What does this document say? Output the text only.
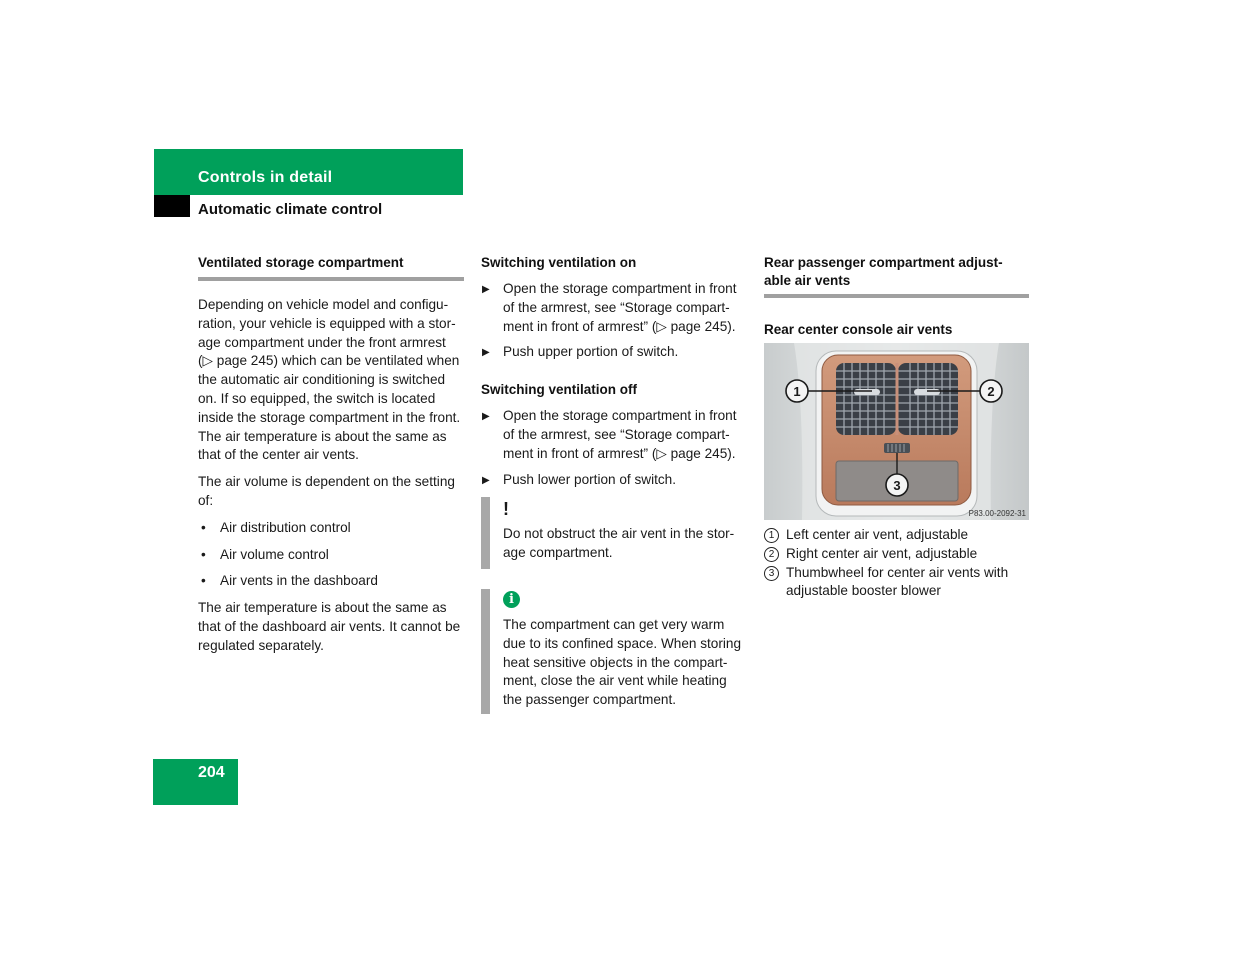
Controls in detail
Automatic climate control
Ventilated storage compartment

Depending on vehicle model and configu-ration, your vehicle is equipped with a stor-age compartment under the front armrest (▷ page 245) which can be ventilated when the automatic air conditioning is switched on. If so equipped, the switch is located inside the storage compartment in the front. The air temperature is about the same as that of the center air vents.

The air volume is dependent on the setting of:

• Air distribution control
• Air volume control
• Air vents in the dashboard

The air temperature is about the same as that of the dashboard air vents. It cannot be regulated separately.

Switching ventilation on
▶ Open the storage compartment in front of the armrest, see “Storage compart-ment in front of armrest” (▷ page 245).
▶ Push upper portion of switch.
Switching ventilation off
▶ Open the storage compartment in front of the armrest, see “Storage compart-ment in front of armrest” (▷ page 245).
▶ Push lower portion of switch.
!

Do not obstruct the air vent in the stor-age compartment.

i

The compartment can get very warm due to its confined space. When storing heat sensitive objects in the compart-ment, close the air vent while heating the passenger compartment.

Rear passenger compartment adjust-able air vents
Rear center console air vents
1	2
3
P83.00-2092-31
1 Left center air vent, adjustable
2 Right center air vent, adjustable
3 Thumbwheel for center air vents with adjustable booster blower
204
